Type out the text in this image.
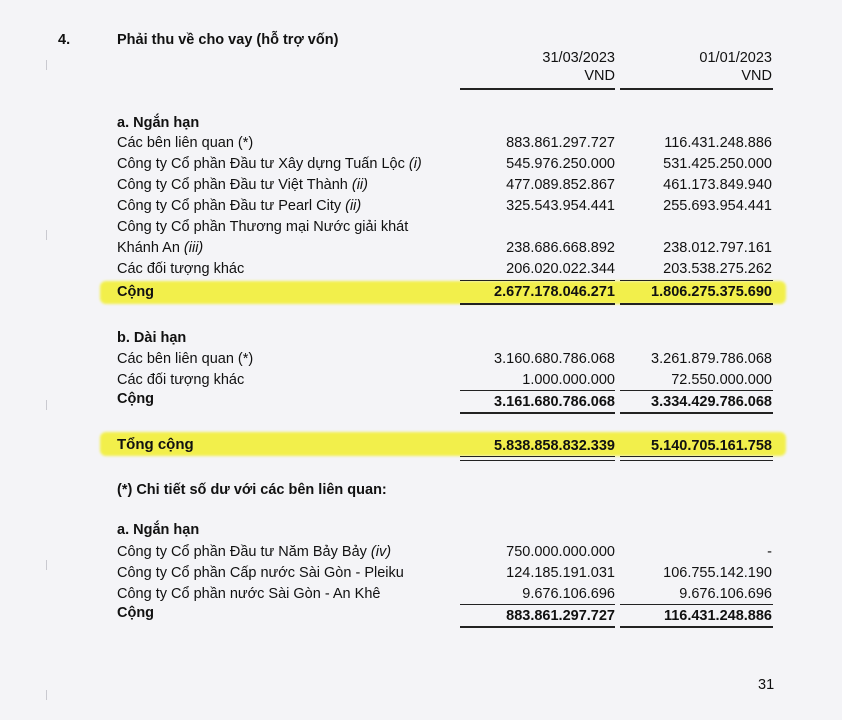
4.	Phải thu về cho vay (hỗ trợ vốn)
31/03/2023
VND
01/01/2023
VND
a. Ngắn hạn
Các bên liên quan (*)	883.861.297.727	116.431.248.886
Công ty Cổ phần Đầu tư Xây dựng Tuấn Lộc (i)	545.976.250.000	531.425.250.000
Công ty Cổ phần Đầu tư Việt Thành (ii)	477.089.852.867	461.173.849.940
Công ty Cổ phần Đầu tư Pearl City (ii)	325.543.954.441	255.693.954.441
Công ty Cổ phần Thương mại Nước giải khát
Khánh An (iii)	238.686.668.892	238.012.797.161
Các đối tượng khác	206.020.022.344	203.538.275.262
Cộng	2.677.178.046.271	1.806.275.375.690
b. Dài hạn
Các bên liên quan (*)	3.160.680.786.068	3.261.879.786.068
Các đối tượng khác	1.000.000.000	72.550.000.000
Cộng	3.161.680.786.068	3.334.429.786.068
Tổng cộng	5.838.858.832.339	5.140.705.161.758
(*) Chi tiết số dư với các bên liên quan:
a. Ngắn hạn
Công ty Cổ phần Đầu tư Năm Bảy Bảy (iv)	750.000.000.000	-
Công ty Cổ phần Cấp nước Sài Gòn - Pleiku	124.185.191.031	106.755.142.190
Công ty Cổ phần nước Sài Gòn - An Khê	9.676.106.696	9.676.106.696
Cộng	883.861.297.727	116.431.248.886
31
